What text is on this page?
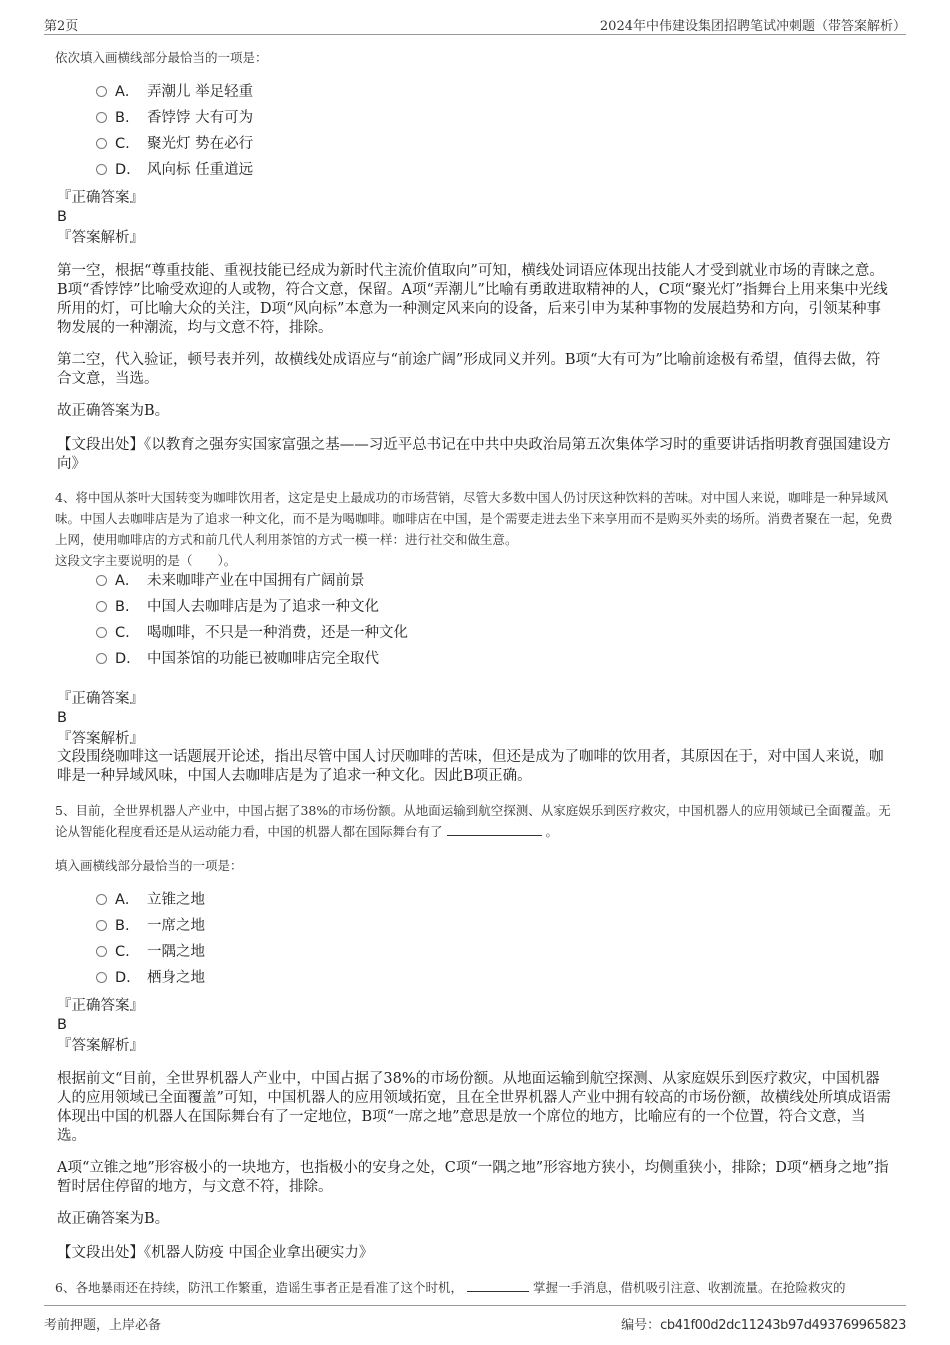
第2页	2024年中伟建设集团招聘笔试冲刺题（带答案解析）
依次填入画横线部分最恰当的一项是：
A． 弄潮儿 举足轻重
B. 香饽饽 大有可为
C. 聚光灯 势在必行
D. 风向标 任重道远
『正确答案』
B
『答案解析』
第一空，根据“尊重技能、重视技能已经成为新时代主流价值取向”可知，横线处词语应体现出技能人才受到就业市场的青睐之意。B项“香饽饽”比喻受欢迎的人或物，符合文意，保留。A项“弄潮儿”比喻有勇敢进取精神的人，C项“聚光灯”指舞台上用来集中光线所用的灯，可比喻大众的关注，D项“风向标”本意为一种测定风来向的设备，后来引申为某种事物的发展趋势和方向，引领某种事物发展的一种潮流，均与文意不符，排除。
第二空，代入验证，顿号表并列，故横线处成语应与“前途广阔”形成同义并列。B项“大有可为”比喻前途极有希望，值得去做，符合文意，当选。
故正确答案为B。
【文段出处】《以教育之强夯实国家富强之基——习近平总书记在中共中央政治局第五次集体学习时的重要讲话指明教育强国建设方向》
4、将中国从茶叶大国转变为咖啡饮用者，这定是史上最成功的市场营销，尽管大多数中国人仍讨厌这种饮料的苦味。对中国人来说，咖啡是一种异域风味。中国人去咖啡店是为了追求一种文化，而不是为喝咖啡。咖啡店在中国，是个需要走进去坐下来享用而不是购买外卖的场所。消费者聚在一起，免费上网，使用咖啡店的方式和前几代人利用茶馆的方式一模一样：进行社交和做生意。
这段文字主要说明的是（　　）。
A． 未来咖啡产业在中国拥有广阔前景
B. 中国人去咖啡店是为了追求一种文化
C. 喝咖啡，不只是一种消费，还是一种文化
D. 中国茶馆的功能已被咖啡店完全取代
『正确答案』
B
『答案解析』
文段围绕咖啡这一话题展开论述，指出尽管中国人讨厌咖啡的苦味，但还是成为了咖啡的饮用者，其原因在于，对中国人来说，咖啡是一种异域风味，中国人去咖啡店是为了追求一种文化。因此B项正确。
5、目前，全世界机器人产业中，中国占据了38%的市场份额。从地面运输到航空探测、从家庭娱乐到医疗救灾，中国机器人的应用领域已全面覆盖。无论从智能化程度看还是从运动能力看，中国的机器人都在国际舞台有了	。
填入画横线部分最恰当的一项是：
A． 立锥之地
B. 一席之地
C. 一隅之地
D. 栖身之地
『正确答案』
B
『答案解析』
根据前文“目前，全世界机器人产业中，中国占据了38%的市场份额。从地面运输到航空探测、从家庭娱乐到医疗救灾，中国机器人的应用领域已全面覆盖”可知，中国机器人的应用领域拓宽，且在全世界机器人产业中拥有较高的市场份额，故横线处所填成语需体现出中国的机器人在国际舞台有了一定地位，B项“一席之地”意思是放一个席位的地方，比喻应有的一个位置，符合文意，当选。
A项“立锥之地”形容极小的一块地方，也指极小的安身之处，C项“一隅之地”形容地方狭小，均侧重狭小，排除；D项“栖身之地”指暂时居住停留的地方，与文意不符，排除。
故正确答案为B。
【文段出处】《机器人防疫 中国企业拿出硬实力》
6、各地暴雨还在持续，防汛工作繁重，造谣生事者正是看准了这个时机，	掌握一手消息，借机吸引注意、收割流量。在抢险救灾的
考前押题，上岸必备	编号：cb41f00d2dc11243b97d493769965823
